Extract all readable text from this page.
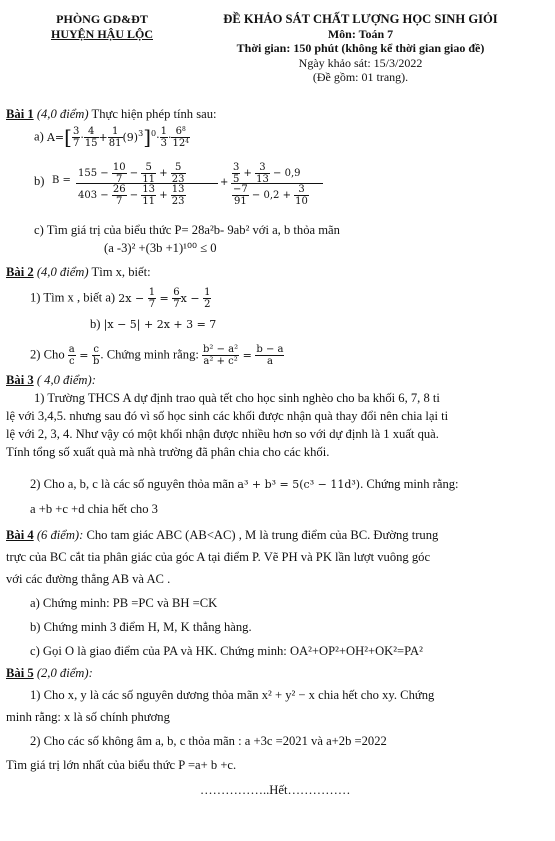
PHÒNG GD&ĐT
HUYỆN HẬU LỘC
ĐỀ KHẢO SÁT CHẤT LƯỢNG HỌC SINH GIỎI
Môn: Toán 7
Thời gian: 150 phút (không kể thời gian giao đề)
Ngày khảo sát: 15/3/2022
(Đề gồm: 01 trang).
Bài 1 (4,0 điểm) Thực hiện phép tính sau:
a) $A=[ \frac{3}{7} \cdot \frac{4}{15} + \frac{1}{81} (9)^3]^0\cdot \frac{1}{3} \cdot \frac{6^8}{12^4}$
b) B =
$155 - \frac{10}{7} - \frac{5}{11} + \frac{5}{23}$	$\frac{3}{5} + \frac{3}{13} - 0,9$
+
$403 - \frac{26}{7} - \frac{13}{11} + \frac{13}{23}$	$\frac{-7}{91} - 0,2 + \frac{3}{10}$
c) Tìm giá trị của biểu thức P= 28a²b- 9ab² với a, b thỏa mãn
(a -3)² +(3b +1)¹⁰⁰ ≤ 0
Bài 2 (4,0 điểm) Tìm x, biết:
1) Tìm x , biết a) $2x - \frac{1}{7} = \frac{6}{7}$ $x - \frac{1}{2}$
b) |x − 5| + 2x + 3 = 7
2) Cho $\frac{a}{c} = \frac{c}{b}$ . Chứng minh rằng: $\frac{\text{b² − a²}}{\text{a² + c²}} = \frac{b - a}{a}$
Bài 3 ( 4,0 điểm):
1) Trường THCS A dự định trao quà tết cho học sinh nghèo cho ba khối 6, 7, 8 ti
lệ với 3,4,5. nhưng sau đó vì số học sinh các khối được nhận quà thay đổi nên chia lại ti
lệ với 2, 3, 4. Như vậy có một khối nhận được nhiều hơn so với dự định là 1 xuất quà.
Tính tổng số xuất quà mà nhà trường đã phân chia cho các khối.
2) Cho a, b, c là các số nguyên thỏa mãn a³ + b³ = 5(c³ − 11d³). Chứng minh rằng:
a +b +c +d chia hết cho 3
Bài 4 (6 điểm): Cho tam giác ABC (AB<AC) , M là trung điểm của BC. Đường trung
trực của BC cắt tia phân giác của góc A tại điểm P. Vẽ PH và PK lần lượt vuông góc
với các đường thẳng AB và AC .
a) Chứng minh: PB =PC và BH =CK
b) Chứng minh 3 điểm H, M, K thẳng hàng.
c) Gọi O là giao điểm của PA và HK. Chứng minh: OA²+OP²+OH²+OK²=PA²
Bài 5 (2,0 điểm):
1) Cho x, y là các số nguyên dương thỏa mãn x² + y² − x chia hết cho xy. Chứng
minh rằng: x là số chính phương
2) Cho các số không âm a, b, c thỏa mãn : a +3c =2021 và a+2b =2022
Tìm giá trị lớn nhất của biểu thức P =a+ b +c.
……………..Hết……………
